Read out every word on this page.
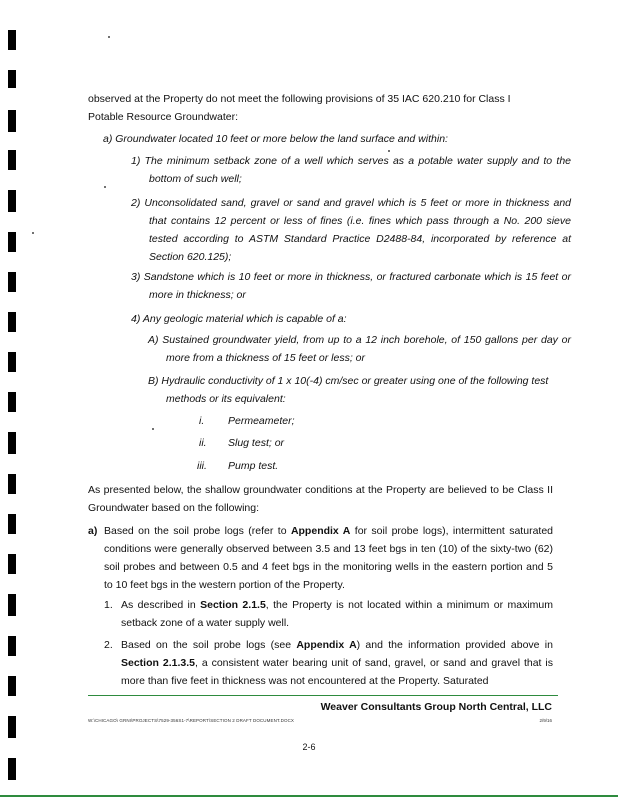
observed at the Property do not meet the following provisions of 35 IAC 620.210 for Class I
Potable Resource Groundwater:
a) Groundwater located 10 feet or more below the land surface and within:
1) The minimum setback zone of a well which serves as a potable water supply and to the bottom of such well;
2) Unconsolidated sand, gravel or sand and gravel which is 5 feet or more in thickness and that contains 12 percent or less of fines (i.e. fines which pass through a No. 200 sieve tested according to ASTM Standard Practice D2488-84, incorporated by reference at Section 620.125);
3) Sandstone which is 10 feet or more in thickness, or fractured carbonate which is 15 feet or more in thickness; or
4) Any geologic material which is capable of a:
A) Sustained groundwater yield, from up to a 12 inch borehole, of 150 gallons per day or more from a thickness of 15 feet or less; or
B) Hydraulic conductivity of 1 x 10(-4) cm/sec or greater using one of the following test methods or its equivalent:
i. Permeameter;
ii. Slug test; or
iii. Pump test.
As presented below, the shallow groundwater conditions at the Property are believed to be Class II Groundwater based on the following:
a) Based on the soil probe logs (refer to Appendix A for soil probe logs), intermittent saturated conditions were generally observed between 3.5 and 13 feet bgs in ten (10) of the sixty-two (62) soil probes and between 0.5 and 4 feet bgs in the monitoring wells in the eastern portion and 5 to 10 feet bgs in the western portion of the Property.
1. As described in Section 2.1.5, the Property is not located within a minimum or maximum setback zone of a water supply well.
2. Based on the soil probe logs (see Appendix A) and the information provided above in Section 2.1.3.5, a consistent water bearing unit of sand, gravel, or sand and gravel that is more than five feet in thickness was not encountered at the Property. Saturated
Weaver Consultants Group North Central, LLC
W:\CHICAGO\ GRNI\PROJECTS\7529-356S1-7\REPORT\SECTION 2 DRAFT DOCUMENT.DOCX	2/9/16
2-6
